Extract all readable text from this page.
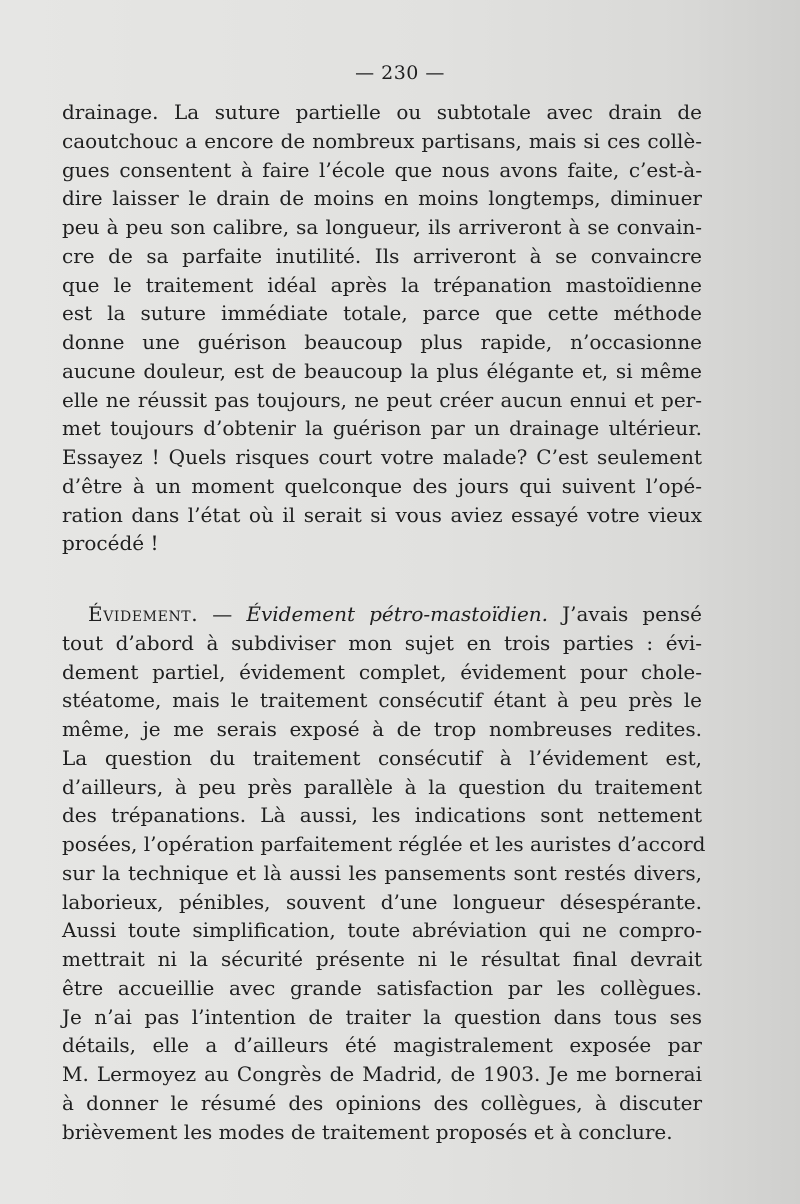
— 230 —
drainage. La suture partielle ou subtotale avec drain de
caoutchouc a encore de nombreux partisans, mais si ces collè-
gues consentent à faire l’école que nous avons faite, c’est-à-
dire laisser le drain de moins en moins longtemps, diminuer
peu à peu son calibre, sa longueur, ils arriveront à se convain-
cre de sa parfaite inutilité. Ils arriveront à se convaincre
que le traitement idéal après la trépanation mastoïdienne
est la suture immédiate totale, parce que cette méthode
donne une guérison beaucoup plus rapide, n’occasionne
aucune douleur, est de beaucoup la plus élégante et, si même
elle ne réussit pas toujours, ne peut créer aucun ennui et per-
met toujours d’obtenir la guérison par un drainage ultérieur.
Essayez ! Quels risques court votre malade? C’est seulement
d’être à un moment quelconque des jours qui suivent l’opé-
ration dans l’état où il serait si vous aviez essayé votre vieux
procédé !
Évidement. — Évidement pétro-mastoïdien. J’avais pensé
tout d’abord à subdiviser mon sujet en trois parties : évi-
dement partiel, évidement complet, évidement pour chole-
stéatome, mais le traitement consécutif étant à peu près le
même, je me serais exposé à de trop nombreuses redites.
La question du traitement consécutif à l’évidement est,
d’ailleurs, à peu près parallèle à la question du traitement
des trépanations. Là aussi, les indications sont nettement
posées, l’opération parfaitement réglée et les auristes d’accord
sur la technique et là aussi les pansements sont restés divers,
laborieux, pénibles, souvent d’une longueur désespérante.
Aussi toute simplification, toute abréviation qui ne compro-
mettrait ni la sécurité présente ni le résultat final devrait
être accueillie avec grande satisfaction par les collègues.
Je n’ai pas l’intention de traiter la question dans tous ses
détails, elle a d’ailleurs été magistralement exposée par
M. Lermoyez au Congrès de Madrid, de 1903. Je me bornerai
à donner le résumé des opinions des collègues, à discuter
brièvement les modes de traitement proposés et à conclure.
